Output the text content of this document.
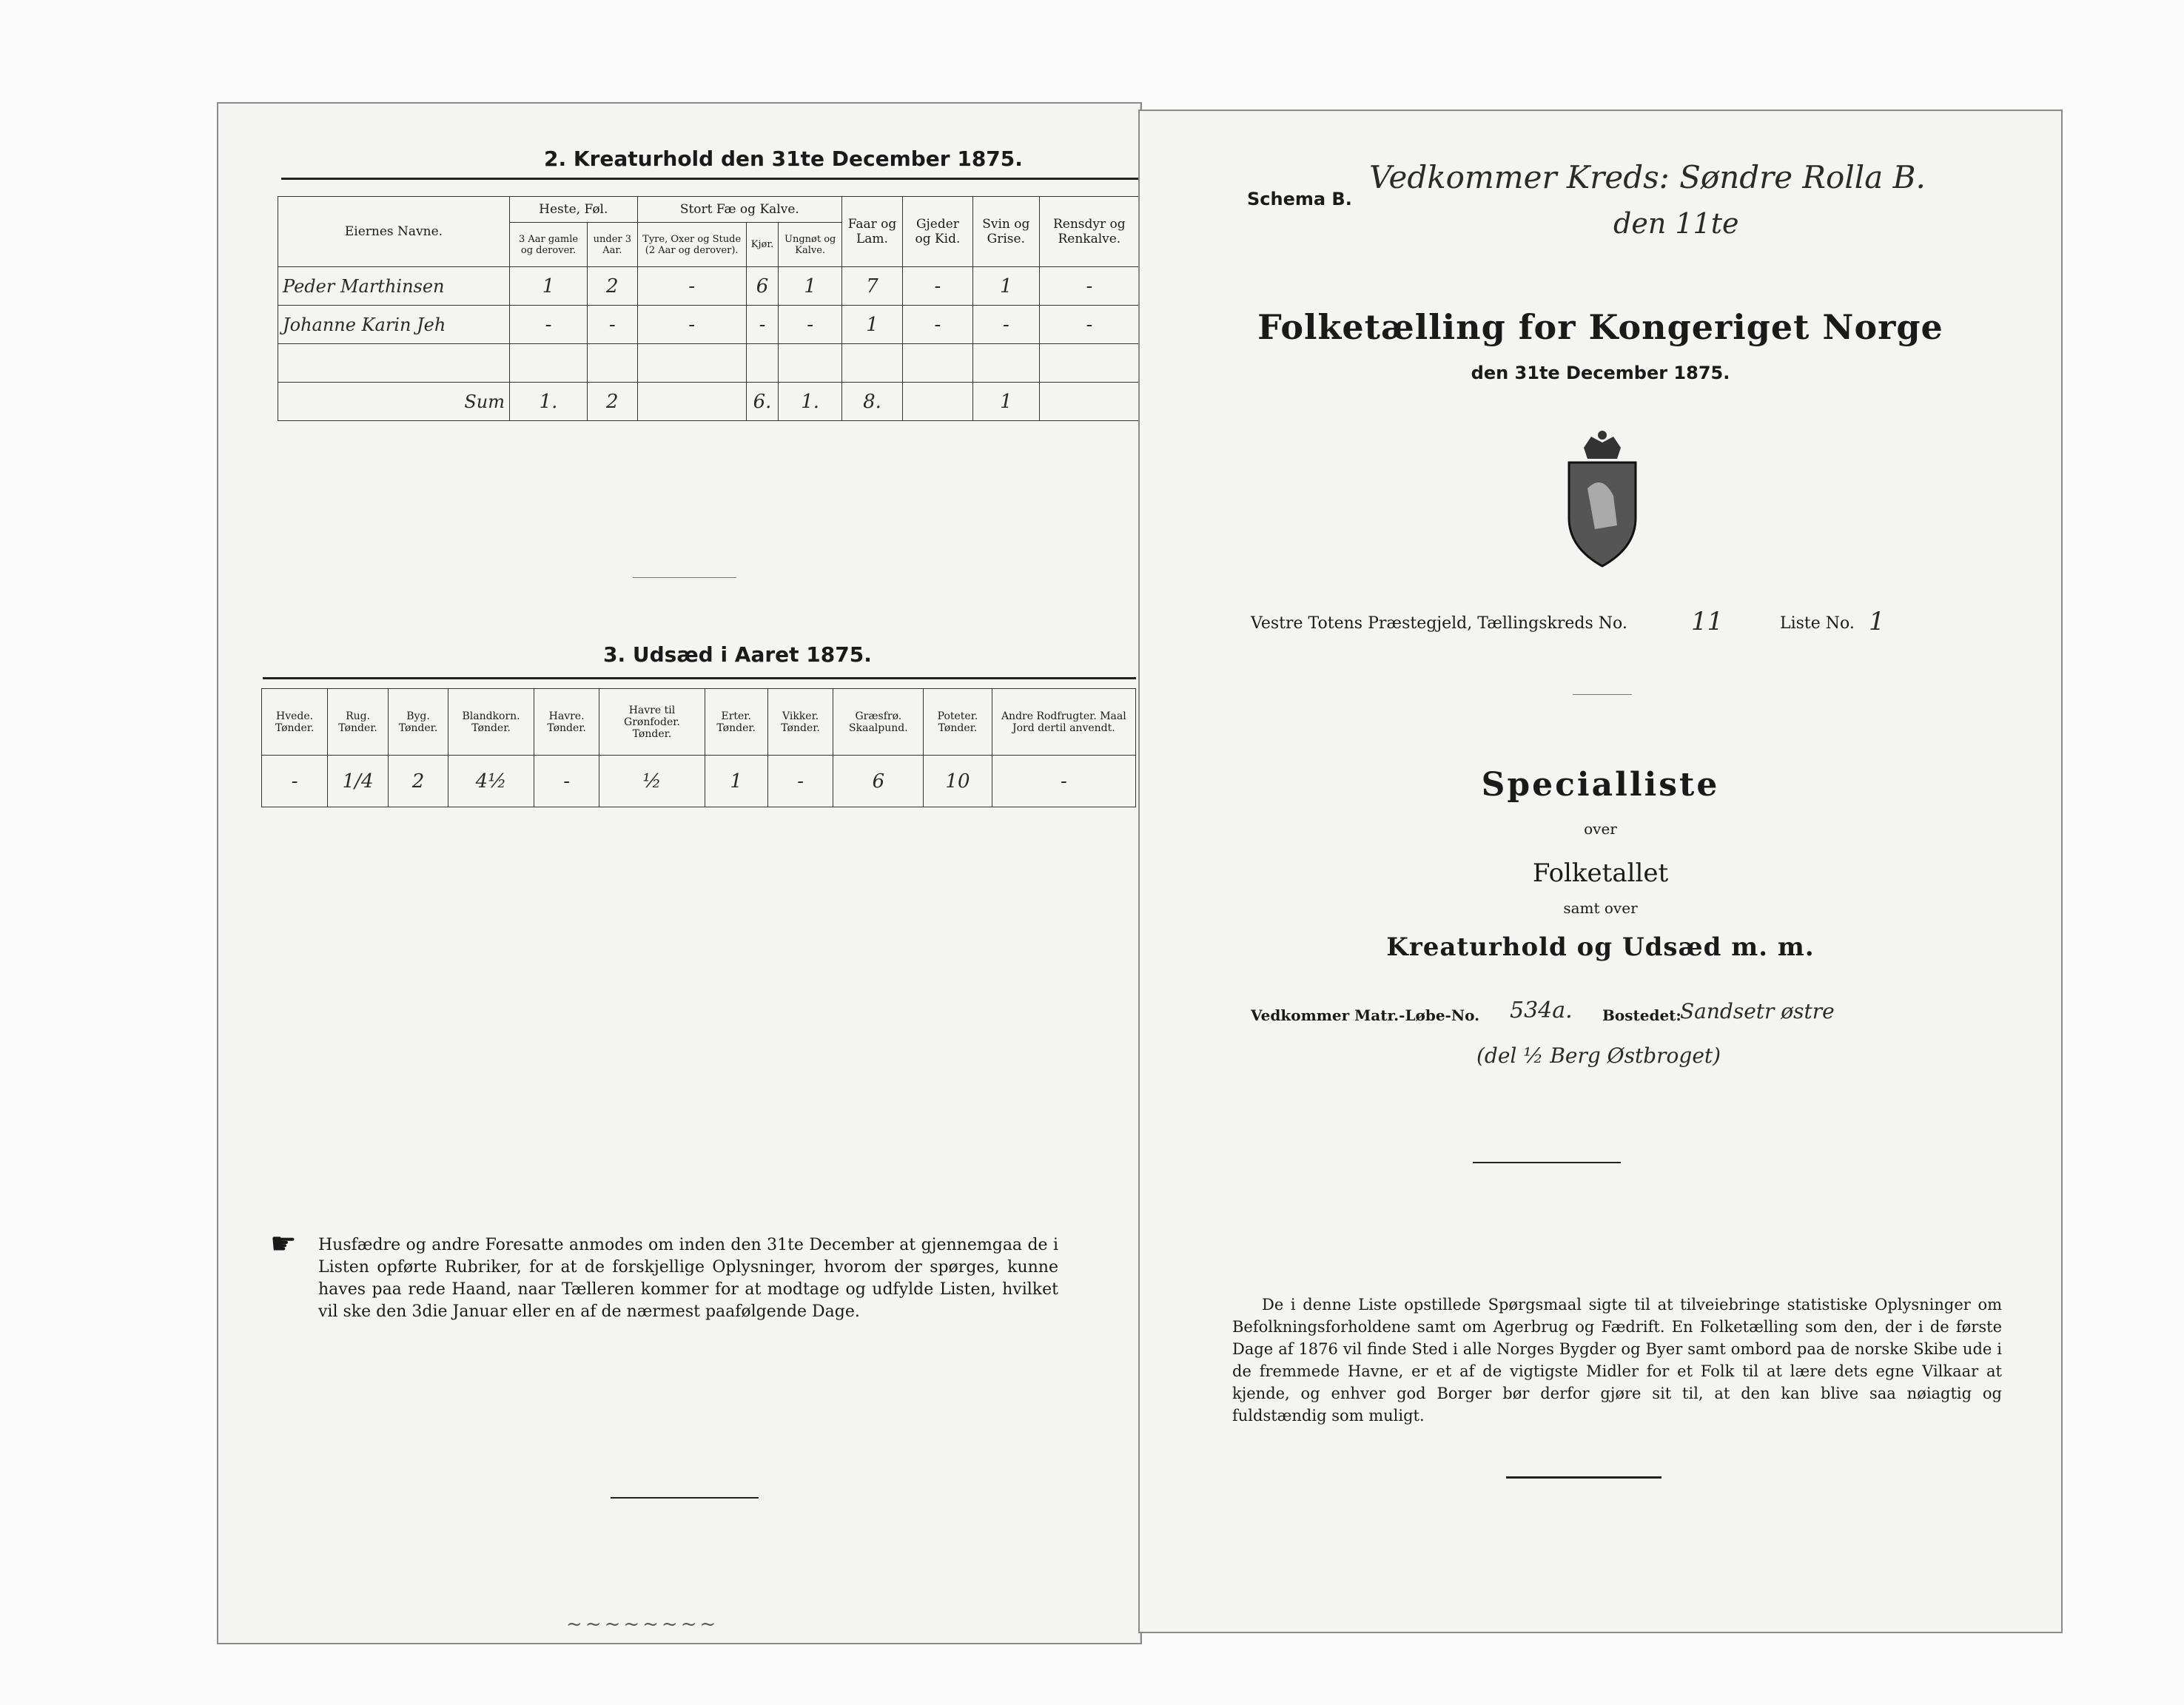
2. Kreaturhold den 31te December 1875.
Eiernes Navne.	Heste, Føl.		Stort Fæ og Kalve.			Faar og Lam.	Gjeder og Kid.	Svin og Grise.	Rensdyr og Renkalve.
	3 Aar gamle og derover.	under 3 Aar.	Tyre, Oxer og Stude (2 Aar og derover).	Kjør.	Ungnøt og Kalve.				
Peder Marthinsen	1	2	-	6	1	7	-	1	-
Johanne Karin Jeh	-	-	-	-	-	1	-	-	-

Sum	1.	2		6.	1.	8.		1	
3. Udsæd i Aaret 1875.
Hvede. Tønder.	Rug. Tønder.	Byg. Tønder.	Blandkorn. Tønder.	Havre. Tønder.	Havre til Grønfoder. Tønder.	Erter. Tønder.	Vikker. Tønder.	Græsfrø. Skaalpund.	Poteter. Tønder.	Andre Rodfrugter. Maal Jord dertil anvendt.
-	1/4	2	4½	-	½	1	-	6	10	-
☛ Husfædre og andre Foresatte anmodes om inden den 31te December at gjennemgaa de i Listen opførte Rubriker, for at de forskjellige Oplysninger, hvorom der spørges, kunne haves paa rede Haand, naar Tælleren kommer for at modtage og udfylde Listen, hvilket vil ske den 3die Januar eller en af de nærmest paafølgende Dage.
~~~~~~~~
Schema B.
Vedkommer Kreds: Søndre Rolla B.
den 11te
Folketælling for Kongeriget Norge
den 31te December 1875.
Vestre Totens Præstegjeld, Tællingskreds No.	11	Liste No. 1
Specialliste
over
Folketallet
samt over
Kreaturhold og Udsæd m. m.
Vedkommer Matr.-Løbe-No. 534a. Bostedet:
Sandsetr østre
(del ½ Berg Østbroget)
De i denne Liste opstillede Spørgsmaal sigte til at tilveiebringe statistiske Oplysninger om Befolkningsforholdene samt om Agerbrug og Fædrift. En Folketælling som den, der i de første Dage af 1876 vil finde Sted i alle Norges Bygder og Byer samt ombord paa de norske Skibe ude i de fremmede Havne, er et af de vigtigste Midler for et Folk til at lære dets egne Vilkaar at kjende, og enhver god Borger bør derfor gjøre sit til, at den kan blive saa nøiagtig og fuldstændig som muligt.
